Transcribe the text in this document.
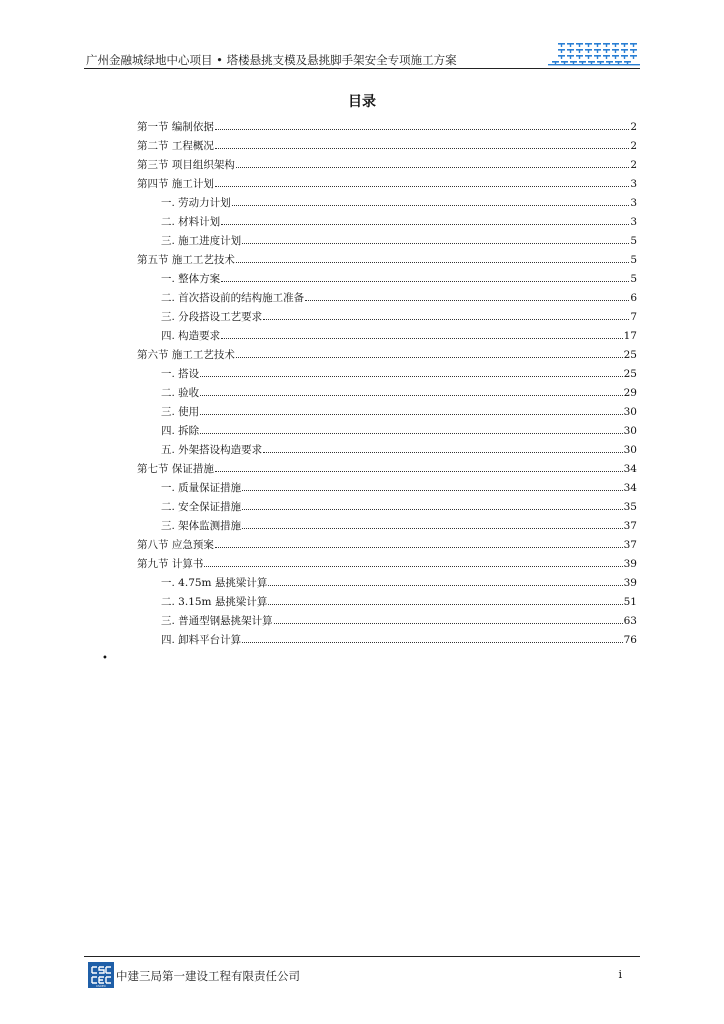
广州金融城绿地中心项目 • 塔楼悬挑支模及悬挑脚手架安全专项施工方案
目录
第一节 编制依据	2
第二节 工程概况	2
第三节 项目组织架构	2
第四节 施工计划	3
一. 劳动力计划	3
二. 材料计划	3
三. 施工进度计划	5
第五节 施工工艺技术	5
一. 整体方案	5
二. 首次搭设前的结构施工准备	6
三. 分段搭设工艺要求	7
四. 构造要求	17
第六节 施工工艺技术	25
一. 搭设	25
二. 验收	29
三. 使用	30
四. 拆除	30
五. 外架搭设构造要求	30
第七节 保证措施	34
一. 质量保证措施	34
二. 安全保证措施	35
三. 架体监测措施	37
第八节 应急预案	37
第九节 计算书	39
一. 4.75m 悬挑梁计算	39
二. 3.15m 悬挑梁计算	51
三. 普通型钢悬挑架计算	63
四. 卸料平台计算	76
•
CSCEC
中建三局第一建设工程有限责任公司	i
